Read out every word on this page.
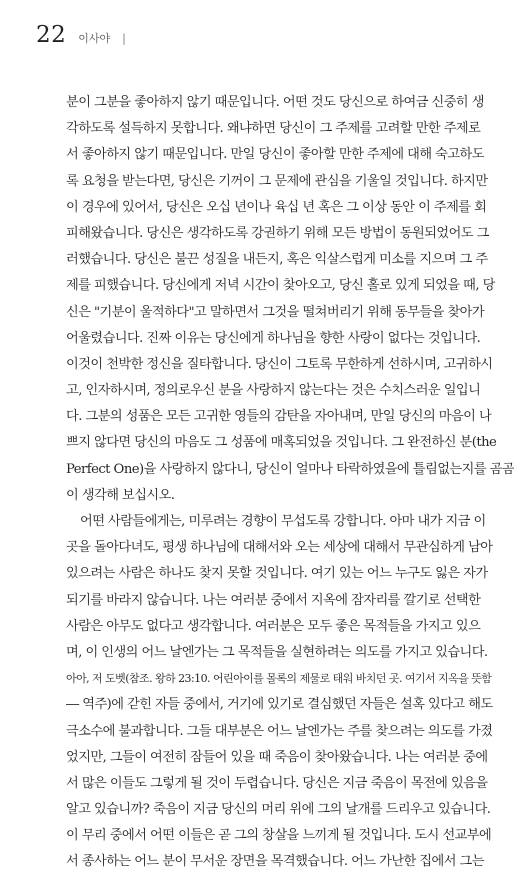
22 이사야 |
분이 그분을 좋아하지 않기 때문입니다. 어떤 것도 당신으로 하여금 신중히 생
각하도록 설득하지 못합니다. 왜냐하면 당신이 그 주제를 고려할 만한 주제로
서 좋아하지 않기 때문입니다. 만일 당신이 좋아할 만한 주제에 대해 숙고하도
록 요청을 받는다면, 당신은 기꺼이 그 문제에 관심을 기울일 것입니다. 하지만
이 경우에 있어서, 당신은 오십 년이나 육십 년 혹은 그 이상 동안 이 주제를 회
피해왔습니다. 당신은 생각하도록 강권하기 위해 모든 방법이 동원되었어도 그
러했습니다. 당신은 불끈 성질을 내든지, 혹은 익살스럽게 미소를 지으며 그 주
제를 피했습니다. 당신에게 저녁 시간이 찾아오고, 당신 홀로 있게 되었을 때, 당
신은 "기분이 울적하다"고 말하면서 그것을 떨쳐버리기 위해 동무들을 찾아가
어울렸습니다. 진짜 이유는 당신에게 하나님을 향한 사랑이 없다는 것입니다.
이것이 천박한 정신을 질타합니다. 당신이 그토록 무한하게 선하시며, 고귀하시
고, 인자하시며, 정의로우신 분을 사랑하지 않는다는 것은 수치스러운 일입니
다. 그분의 성품은 모든 고귀한 영들의 감탄을 자아내며, 만일 당신의 마음이 나
쁘지 않다면 당신의 마음도 그 성품에 매혹되었을 것입니다. 그 완전하신 분(the
Perfect One)을 사랑하지 않다니, 당신이 얼마나 타락하였을에 틀림없는지를 곰곰
이 생각해 보십시오.
어떤 사람들에게는, 미루려는 경향이 무섭도록 강합니다. 아마 내가 지금 이
곳을 돌아다녀도, 평생 하나님에 대해서와 오는 세상에 대해서 무관심하게 남아
있으려는 사람은 하나도 찾지 못할 것입니다. 여기 있는 어느 누구도 잃은 자가
되기를 바라지 않습니다. 나는 여러분 중에서 지옥에 잠자리를 깔기로 선택한
사람은 아무도 없다고 생각합니다. 여러분은 모두 좋은 목적들을 가지고 있으
며, 이 인생의 어느 날엔가는 그 목적들을 실현하려는 의도를 가지고 있습니다.
아아, 저 도벳(참조. 왕하 23:10. 어린아이를 몰록의 제물로 태워 바치던 곳. 여기서 지옥을 뜻함
― 역주)에 갇힌 자들 중에서, 거기에 있기로 결심했던 자들은 설혹 있다고 해도
극소수에 불과합니다. 그들 대부분은 어느 날엔가는 주를 찾으려는 의도를 가졌
었지만, 그들이 여전히 잠들어 있을 때 죽음이 찾아왔습니다. 나는 여러분 중에
서 많은 이들도 그렇게 될 것이 두렵습니다. 당신은 지금 죽음이 목전에 있음을
알고 있습니까? 죽음이 지금 당신의 머리 위에 그의 날개를 드리우고 있습니다.
이 무리 중에서 어떤 이들은 곧 그의 창살을 느끼게 될 것입니다. 도시 선교부에
서 종사하는 어느 분이 무서운 장면을 목격했습니다. 어느 가난한 집에서 그는
